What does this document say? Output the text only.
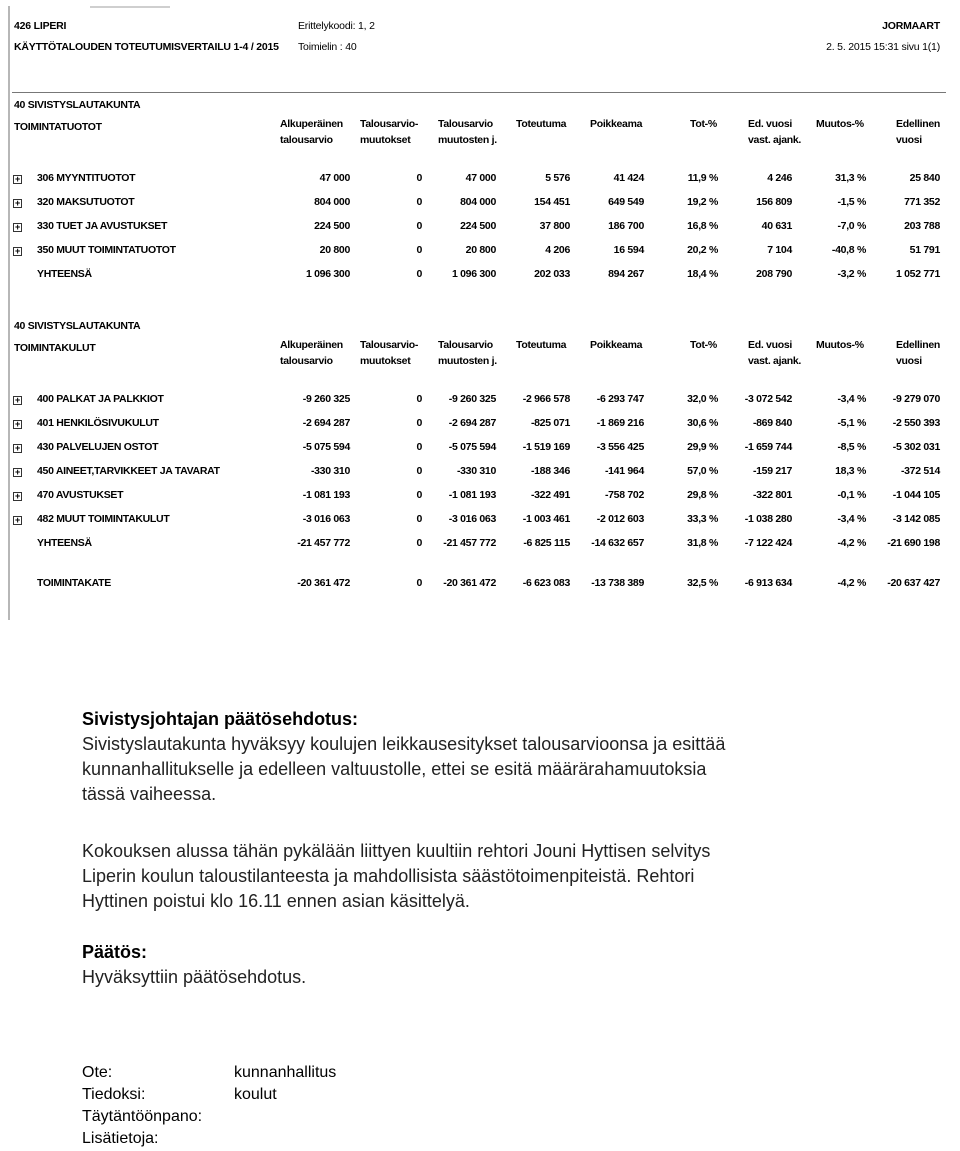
426 LIPERI
KÄYTTÖTALOUDEN TOTEUTUMISVERTAILU 1-4 / 2015
Erittelykoodi: 1, 2
Toimielin : 40
JORMAART
2. 5. 2015 15:31 sivu 1(1)
40 SIVISTYSLAUTAKUNTA
TOIMINTATUOTOT	Alkuperäinen
talousarvio
Talousarvio-
muutokset
Talousarvio
muutosten j.
Toteutuma Poikkeama	Tot-%	Ed. vuosi
vast. ajank.
Muutos-%	Edellinen
vuosi
+ 306 MYYNTITUOTOT	47 000	0	47 000	5 576	41 424	11,9 %	4 246	31,3 %	25 840
+ 320 MAKSUTUOTOT	804 000	0	804 000	154 451	649 549	19,2 %	156 809	-1,5 %	771 352
+ 330 TUET JA AVUSTUKSET	224 500	0	224 500	37 800	186 700	16,8 %	40 631	-7,0 %	203 788
+ 350 MUUT TOIMINTATUOTOT	20 800	0	20 800	4 206	16 594	20,2 %	7 104	-40,8 %	51 791
YHTEENSÄ	1 096 300	0	1 096 300	202 033	894 267	18,4 %	208 790	-3,2 %	1 052 771
40 SIVISTYSLAUTAKUNTA
TOIMINTAKULUT	Alkuperäinen
talousarvio
Talousarvio-
muutokset
Talousarvio
muutosten j.
Toteutuma Poikkeama	Tot-%	Ed. vuosi
vast. ajank.
Muutos-%	Edellinen
vuosi
+ 400 PALKAT JA PALKKIOT	-9 260 325	0	-9 260 325	-2 966 578	-6 293 747	32,0 %	-3 072 542	-3,4 %	-9 279 070
+ 401 HENKILÖSIVUKULUT	-2 694 287	0	-2 694 287	-825 071	-1 869 216	30,6 %	-869 840	-5,1 %	-2 550 393
+ 430 PALVELUJEN OSTOT	-5 075 594	0	-5 075 594	-1 519 169	-3 556 425	29,9 %	-1 659 744	-8,5 %	-5 302 031
+ 450 AINEET,TARVIKKEET JA TAVARAT	-330 310	0	-330 310	-188 346	-141 964	57,0 %	-159 217	18,3 %	-372 514
+ 470 AVUSTUKSET	-1 081 193	0	-1 081 193	-322 491	-758 702	29,8 %	-322 801	-0,1 %	-1 044 105
+ 482 MUUT TOIMINTAKULUT	-3 016 063	0	-3 016 063	-1 003 461	-2 012 603	33,3 %	-1 038 280	-3,4 %	-3 142 085
YHTEENSÄ	-21 457 772	0 -21 457 772	-6 825 115 -14 632 657	31,8 %	-7 122 424	-4,2 % -21 690 198
TOIMINTAKATE	-20 361 472	0 -20 361 472	-6 623 083 -13 738 389	32,5 %	-6 913 634	-4,2 % -20 637 427
Sivistysjohtajan päätösehdotus:
Sivistyslautakunta hyväksyy koulujen leikkausesitykset talousarvioonsa ja esittää
kunnanhallitukselle ja edelleen valtuustolle, ettei se esitä määrärahamuutoksia
tässä vaiheessa.
Kokouksen alussa tähän pykälään liittyen kuultiin rehtori Jouni Hyttisen selvitys
Liperin koulun taloustilanteesta ja mahdollisista säästötoimenpiteistä. Rehtori
Hyttinen poistui klo 16.11 ennen asian käsittelyä.
Päätös:
Hyväksyttiin päätösehdotus.
Ote:	kunnanhallitus
Tiedoksi:	koulut
Täytäntöönpano:
Lisätietoja:
